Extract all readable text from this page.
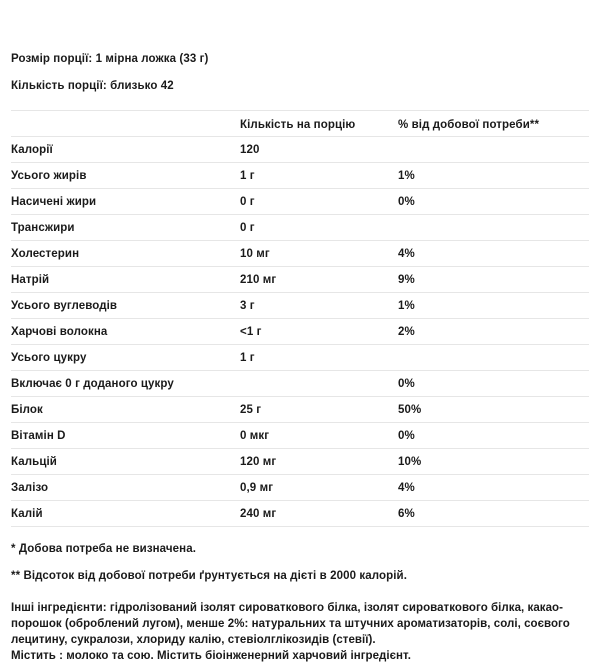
Розмір порції: 1 мірна ложка (33 г)
Кількість порції: близько 42
	Кількість на порцію	% від добової потреби**
Калорії	120	
Усього жирів	1 г	1%
Насичені жири	0 г	0%
Трансжири	0 г	
Холестерин	10 мг	4%
Натрій	210 мг	9%
Усього вуглеводів	3 г	1%
Харчові волокна	<1 г	2%
Усього цукру	1 г	
Включає 0 г доданого цукру		0%
Білок	25 г	50%
Вітамін D	0 мкг	0%
Кальцій	120 мг	10%
Залізо	0,9 мг	4%
Калій	240 мг	6%
* Добова потреба не визначена.
** Відсоток від добової потреби ґрунтується на дієті в 2000 калорій.
Інші інгредієнти: гідролізований ізолят сироваткового білка, ізолят сироваткового білка, какао-порошок (оброблений лугом), менше 2%: натуральних та штучних ароматизаторів, солі, соєвого лецитину, сукралози, хлориду калію, стевіолглікозидів (стевії).
Містить : молоко та сою. Містить біоінженерний харчовий інгредієнт.
